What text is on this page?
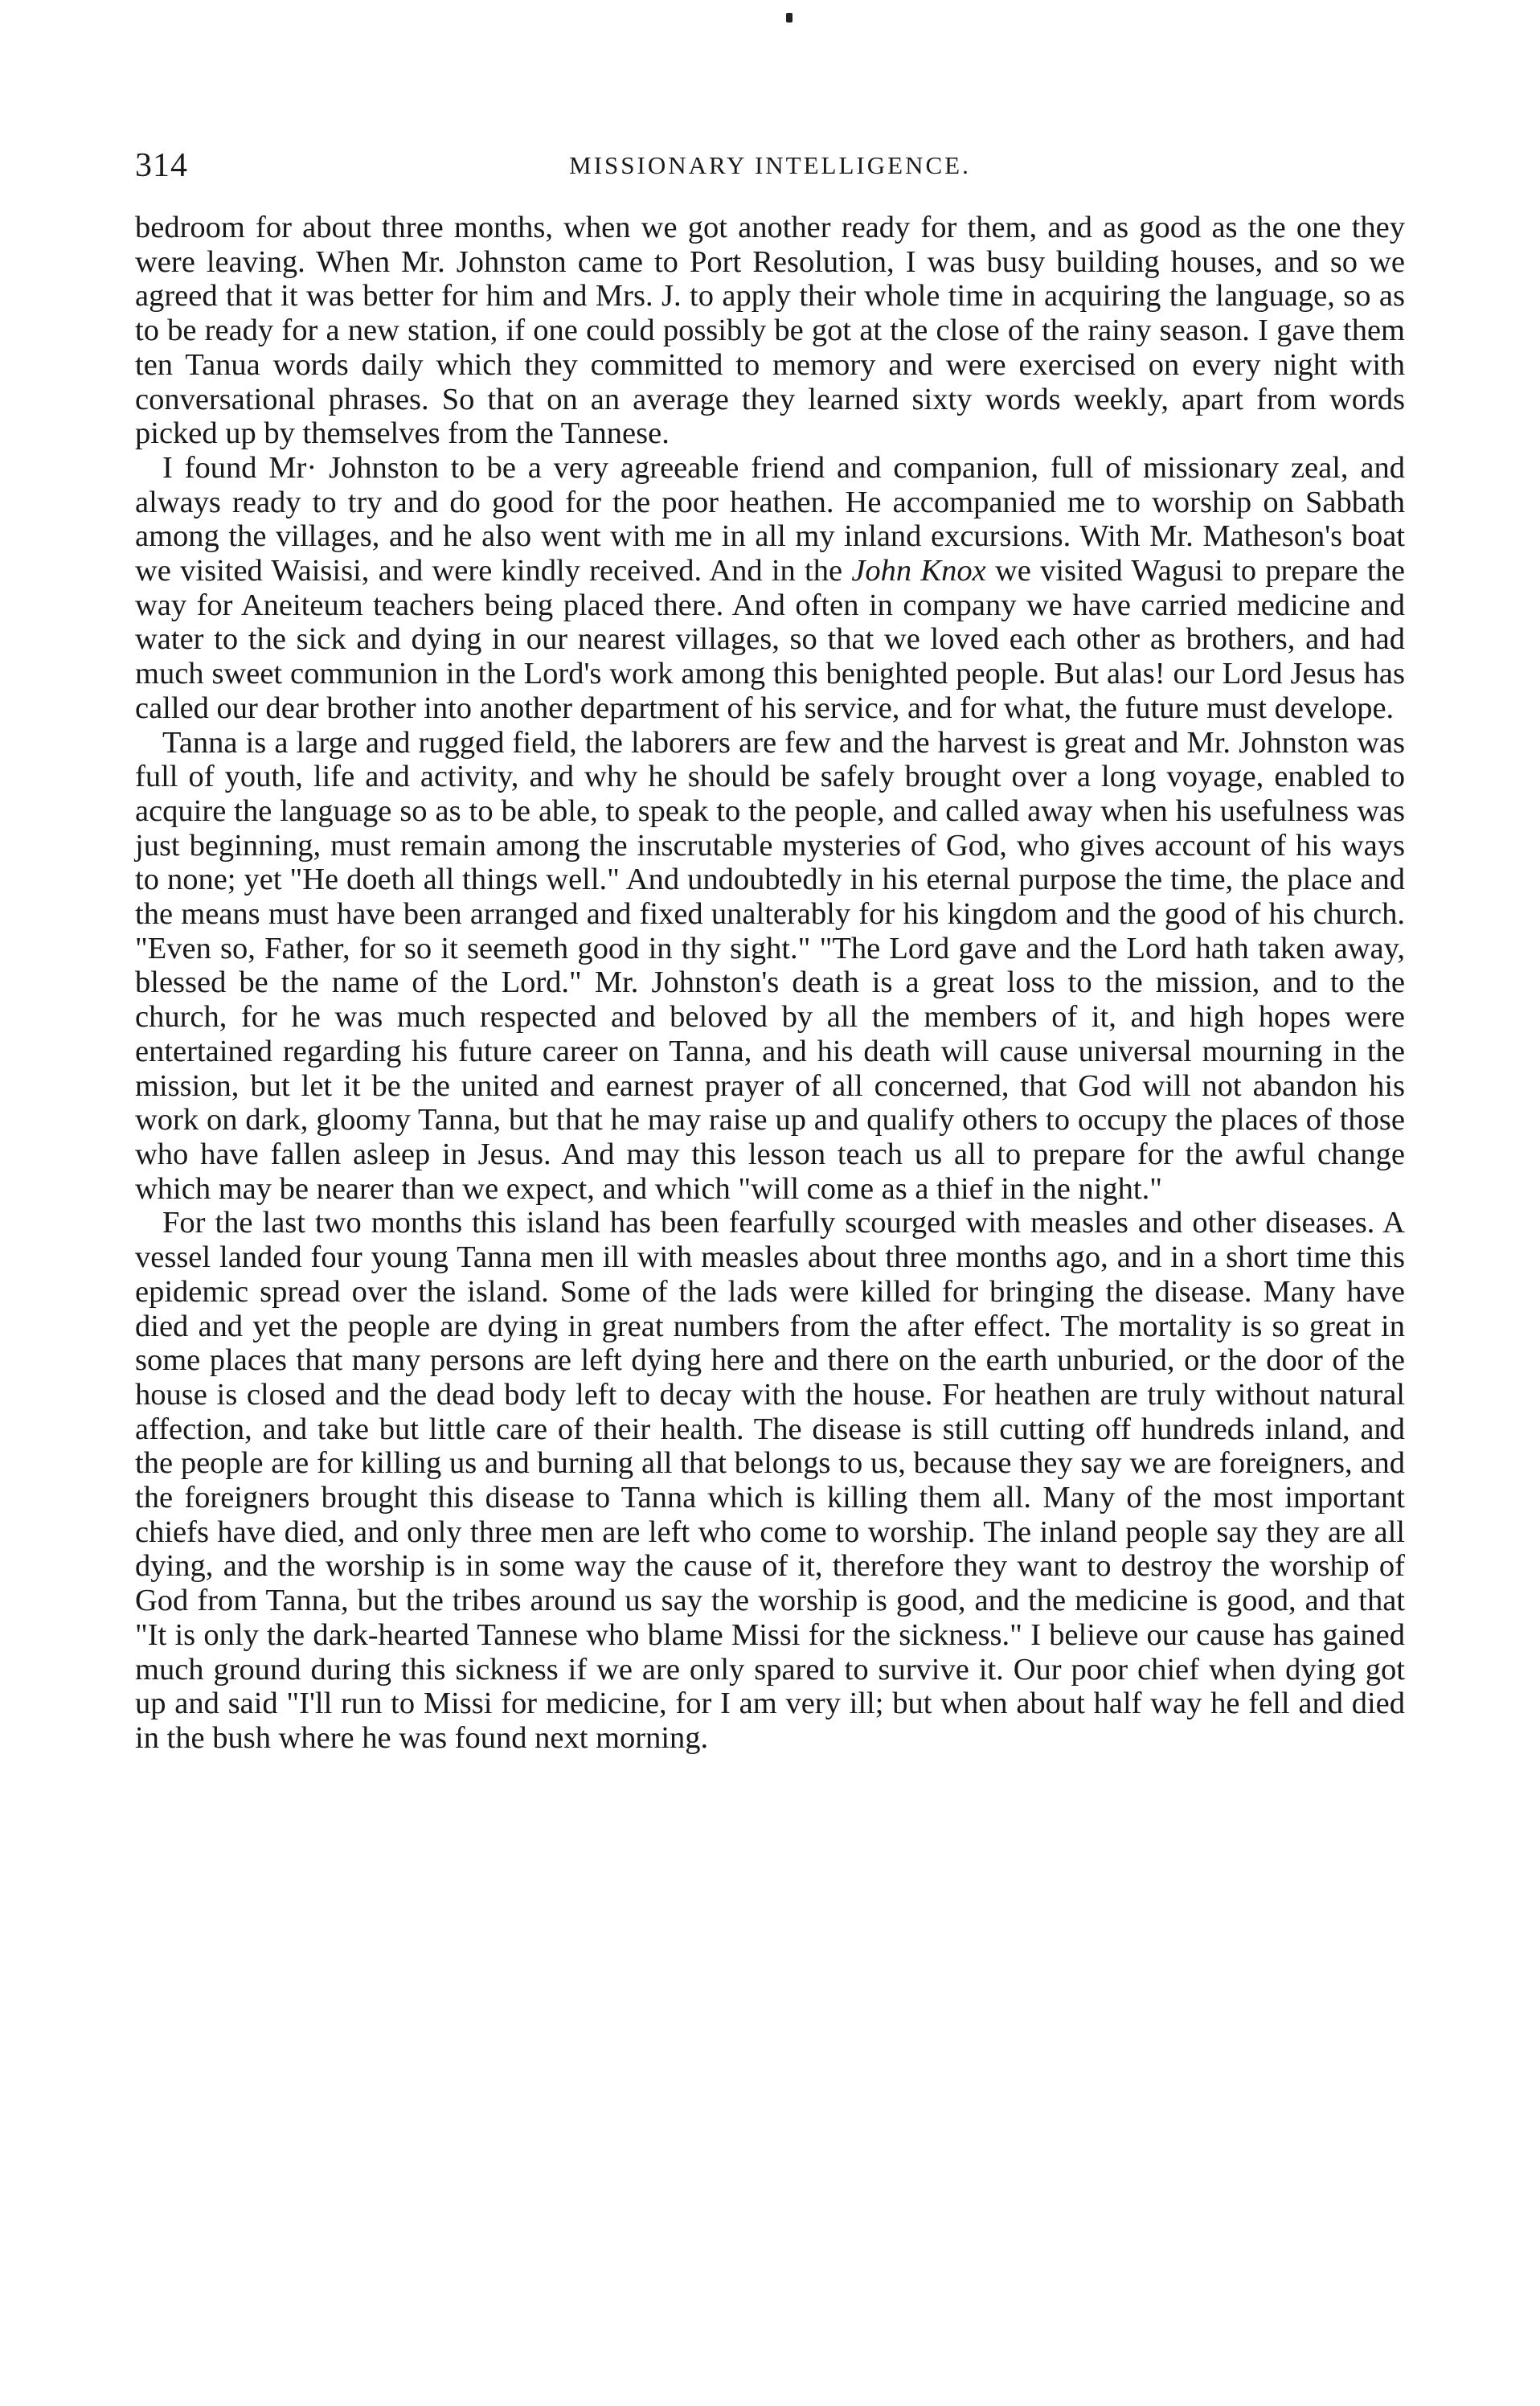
314	MISSIONARY INTELLIGENCE.

bedroom for about three months, when we got another ready for them, and as good as the one they were leaving. When Mr. Johnston came to Port Resolution, I was busy building houses, and so we agreed that it was better for him and Mrs. J. to apply their whole time in acquiring the language, so as to be ready for a new station, if one could possibly be got at the close of the rainy season. I gave them ten Tanua words daily which they committed to memory and were exercised on every night with conversational phrases. So that on an average they learned sixty words weekly, apart from words picked up by themselves from the Tannese.

I found Mr· Johnston to be a very agreeable friend and companion, full of missionary zeal, and always ready to try and do good for the poor heathen. He accompanied me to worship on Sabbath among the villages, and he also went with me in all my inland excursions. With Mr. Matheson's boat we visited Waisisi, and were kindly received. And in the John Knox we visited Wagusi to prepare the way for Aneiteum teachers being placed there. And often in company we have carried medicine and water to the sick and dying in our nearest villages, so that we loved each other as brothers, and had much sweet communion in the Lord's work among this benighted people. But alas! our Lord Jesus has called our dear brother into another department of his service, and for what, the future must develope.

Tanna is a large and rugged field, the laborers are few and the harvest is great and Mr. Johnston was full of youth, life and activity, and why he should be safely brought over a long voyage, enabled to acquire the language so as to be able, to speak to the people, and called away when his usefulness was just beginning, must remain among the inscrutable mysteries of God, who gives account of his ways to none; yet "He doeth all things well." And undoubtedly in his eternal purpose the time, the place and the means must have been arranged and fixed unalterably for his kingdom and the good of his church. "Even so, Father, for so it seemeth good in thy sight." "The Lord gave and the Lord hath taken away, blessed be the name of the Lord." Mr. Johnston's death is a great loss to the mission, and to the church, for he was much respected and beloved by all the members of it, and high hopes were entertained regarding his future career on Tanna, and his death will cause universal mourning in the mission, but let it be the united and earnest prayer of all concerned, that God will not abandon his work on dark, gloomy Tanna, but that he may raise up and qualify others to occupy the places of those who have fallen asleep in Jesus. And may this lesson teach us all to prepare for the awful change which may be nearer than we expect, and which "will come as a thief in the night."

For the last two months this island has been fearfully scourged with measles and other diseases. A vessel landed four young Tanna men ill with measles about three months ago, and in a short time this epidemic spread over the island. Some of the lads were killed for bringing the disease. Many have died and yet the people are dying in great numbers from the after effect. The mortality is so great in some places that many persons are left dying here and there on the earth unburied, or the door of the house is closed and the dead body left to decay with the house. For heathen are truly without natural affection, and take but little care of their health. The disease is still cutting off hundreds inland, and the people are for killing us and burning all that belongs to us, because they say we are foreigners, and the foreigners brought this disease to Tanna which is killing them all. Many of the most important chiefs have died, and only three men are left who come to worship. The inland people say they are all dying, and the worship is in some way the cause of it, therefore they want to destroy the worship of God from Tanna, but the tribes around us say the worship is good, and the medicine is good, and that "It is only the dark-hearted Tannese who blame Missi for the sickness." I believe our cause has gained much ground during this sickness if we are only spared to survive it. Our poor chief when dying got up and said "I'll run to Missi for medicine, for I am very ill; but when about half way he fell and died in the bush where he was found next morning.
